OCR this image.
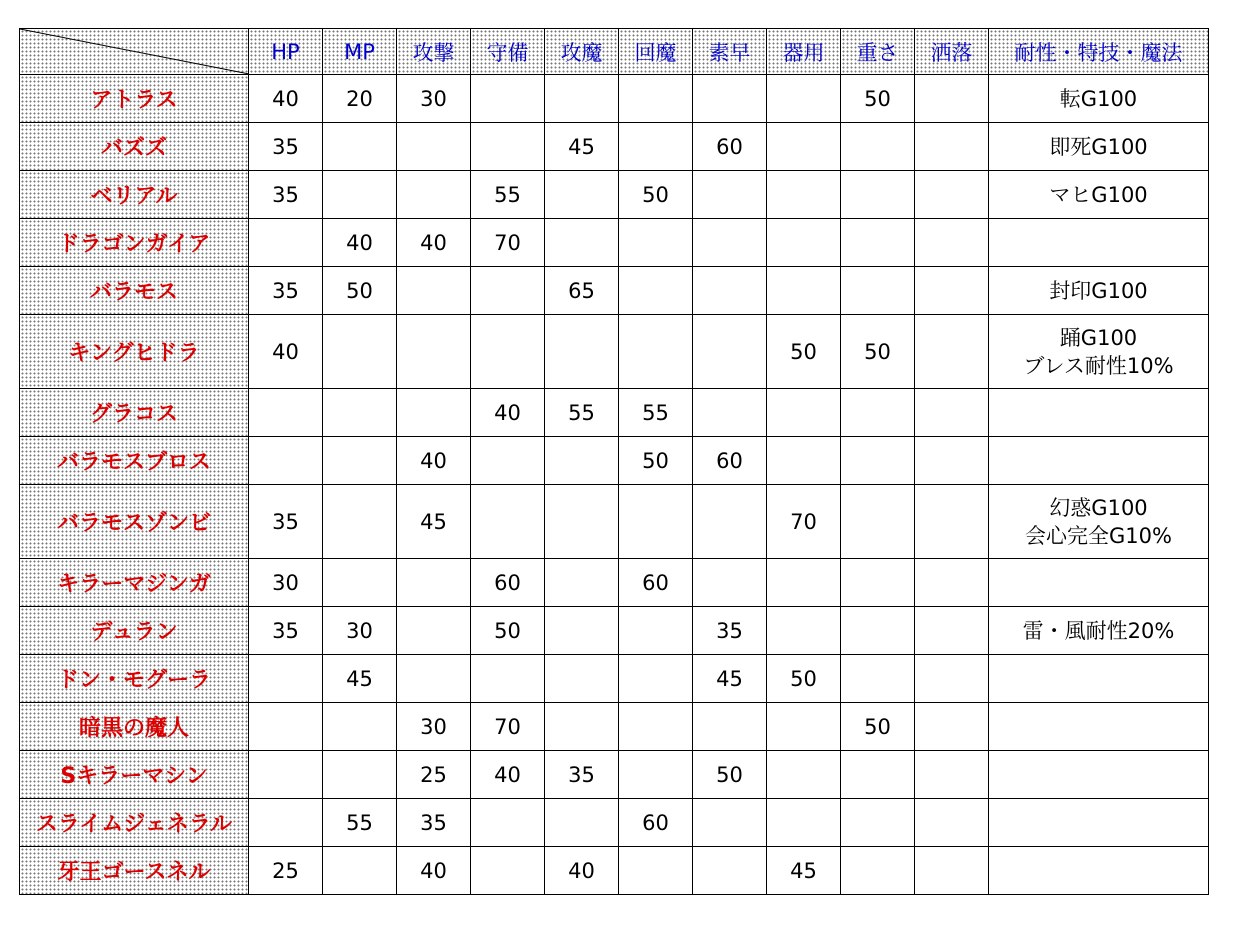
	HP	MP	攻撃	守備	攻魔	回魔	素早	器用	重さ	洒落	耐性・特技・魔法
アトラス	40	20	30						50		転G100

バズズ	35				45		60				即死G100

ベリアル	35			55		50					マヒG100

ドラゴンガイア		40	40	70							
バラモス	35	50			65						封印G100

キングヒドラ	40							50	50		踊G100
ブレス耐性10%

グラコス				40	55	55					
バラモスブロス			40			50	60				
バラモスゾンビ	35		45					70			幻惑G100
会心完全G10%

キラーマジンガ	30			60		60					
デュラン	35	30		50			35				雷・風耐性20%

ドン・モグーラ		45					45	50			
暗黒の魔人			30	70					50		
Sキラーマシン			25	40	35		50				
スライムジェネラル		55	35			60					
牙王ゴースネル	25		40		40			45			
